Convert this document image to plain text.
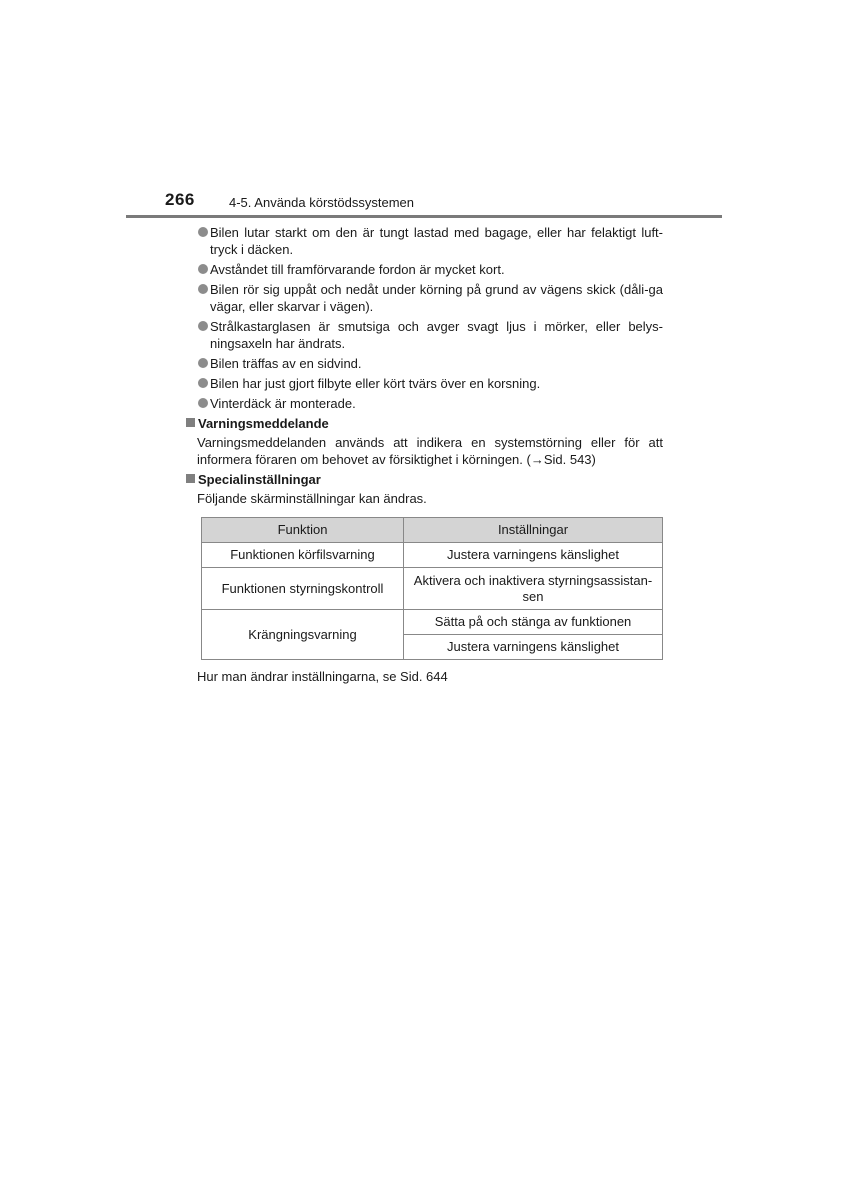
266	4-5. Använda körstödssystemen
Bilen lutar starkt om den är tungt lastad med bagage, eller har felaktigt luft-tryck i däcken.
Avståndet till framförvarande fordon är mycket kort.
Bilen rör sig uppåt och nedåt under körning på grund av vägens skick (dåli-ga vägar, eller skarvar i vägen).
Strålkastarglasen är smutsiga och avger svagt ljus i mörker, eller belys-ningsaxeln har ändrats.
Bilen träffas av en sidvind.
Bilen har just gjort filbyte eller kört tvärs över en korsning.
Vinterdäck är monterade.
Varningsmeddelande
Varningsmeddelanden används att indikera en systemstörning eller för att informera föraren om behovet av försiktighet i körningen. (→Sid. 543)
Specialinställningar
Följande skärminställningar kan ändras.
Funktion	Inställningar
Funktionen körfilsvarning	Justera varningens känslighet
Funktionen styrningskontroll	Aktivera och inaktivera styrningsassistan-sen
Krängningsvarning	Sätta på och stänga av funktionen
	Justera varningens känslighet
Hur man ändrar inställningarna, se Sid. 644
